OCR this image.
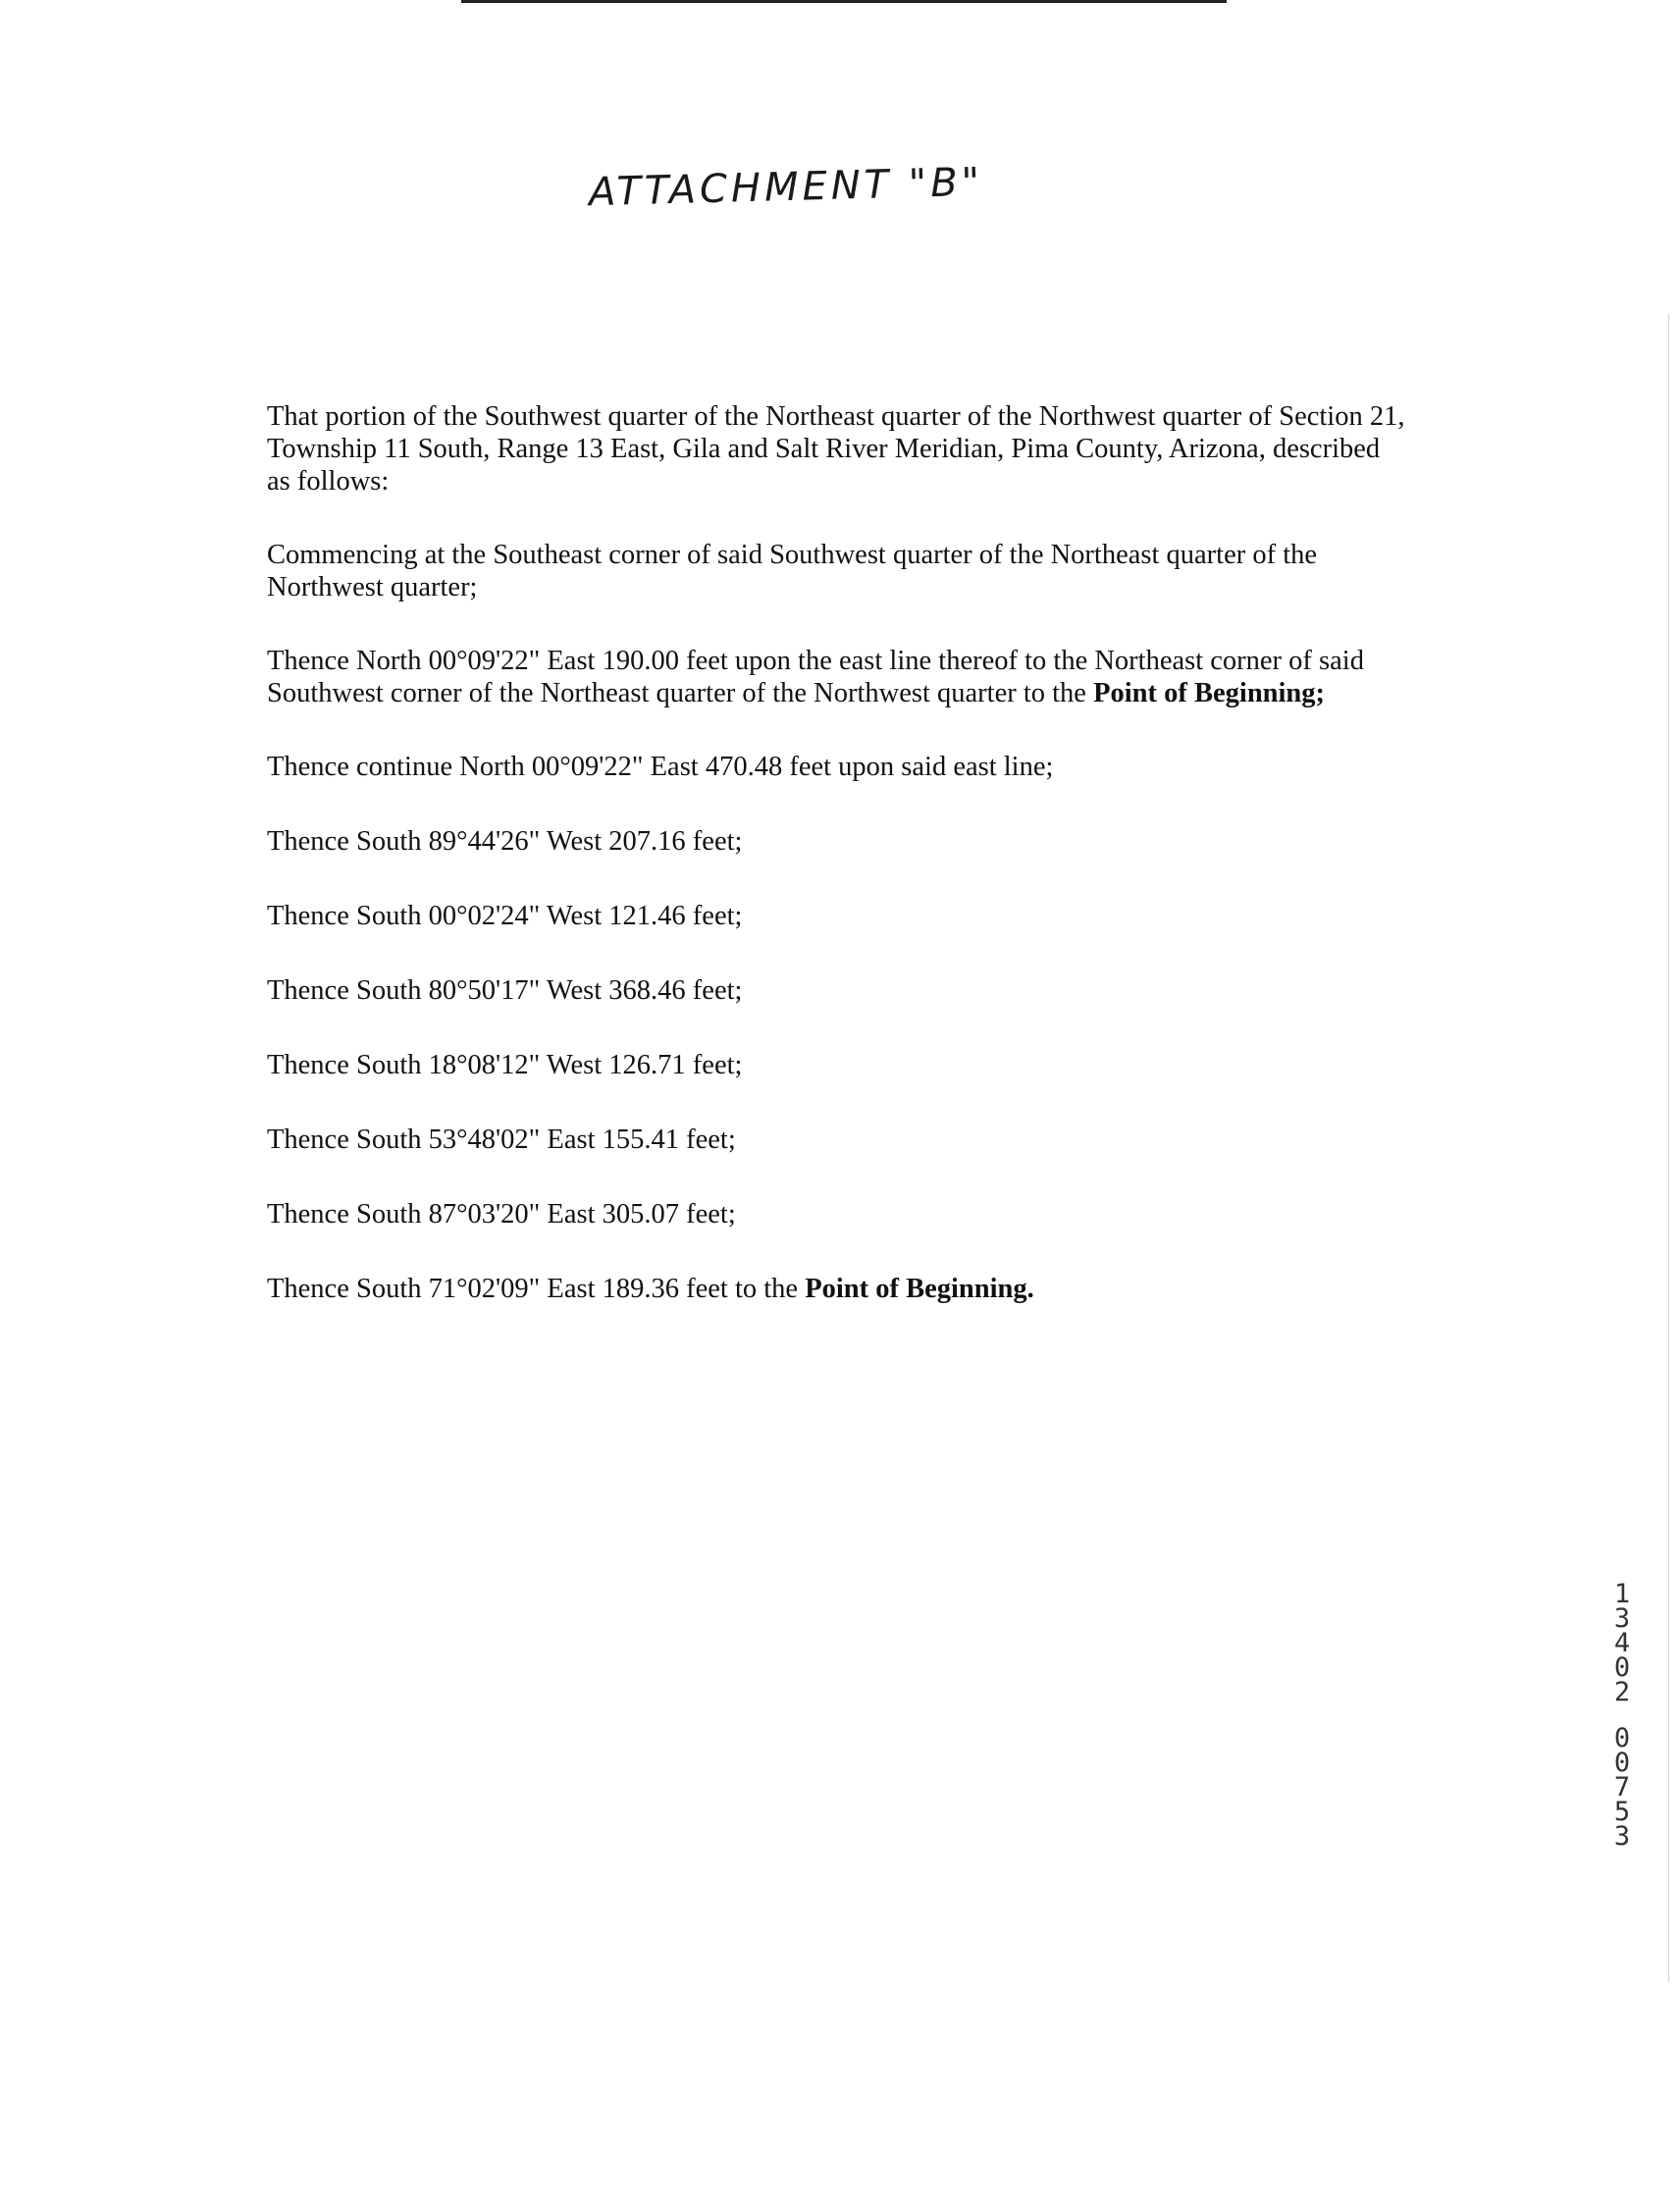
ATTACHMENT "B"

That portion of the Southwest quarter of the Northeast quarter of the Northwest quarter of Section 21, Township 11 South, Range 13 East, Gila and Salt River Meridian, Pima County, Arizona, described as follows:

Commencing at the Southeast corner of said Southwest quarter of the Northeast quarter of the Northwest quarter;

Thence North 00°09'22" East 190.00 feet upon the east line thereof to the Northeast corner of said Southwest corner of the Northeast quarter of the Northwest quarter to the Point of Beginning;

Thence continue North 00°09'22" East 470.48 feet upon said east line;

Thence South 89°44'26" West 207.16 feet;

Thence South 00°02'24" West 121.46 feet;

Thence South 80°50'17" West 368.46 feet;

Thence South 18°08'12" West 126.71 feet;

Thence South 53°48'02" East 155.41 feet;

Thence South 87°03'20" East 305.07 feet;

Thence South 71°02'09" East 189.36 feet to the Point of Beginning.

1
3
4
0
2
0
0
7
5
3
